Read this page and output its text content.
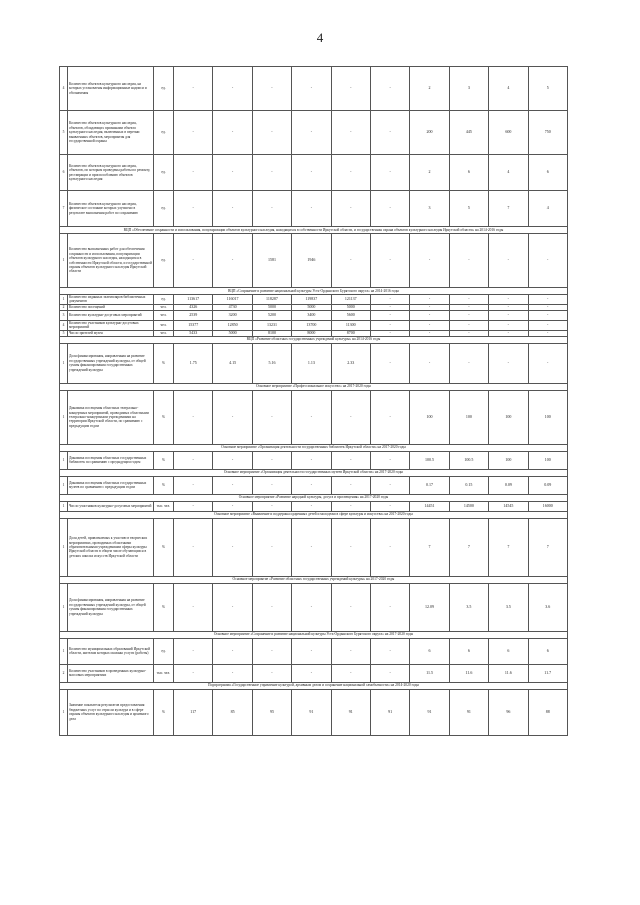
4
4	Количество объектов культурного наследия, на которых установлены информационные надписи и обозначения	ед.	-	-	-	-	-	-	2	3	4	5
5	Количество объектов культурного наследия, объектов, обладающих признаками объекта культурного наследия, включенных в перечни выявленных объектов, мероприятия для государственной охраны	ед.	-	-	-	-	-	-	200	445	600	750
6	Количество объектов культурного наследия, объектов, по которым проведены работы по ремонту, реставрации и приспособлению объектов культурного наследия	ед.	-	-	-	-	-	-	2	6	4	6
7	Количество объектов культурного наследия, физическое состояние которых улучшено в результате выполнения работ по сохранению	ед.	-	-	-	-	-	-	3	5	7	4
ВЦП «Обеспечение сохранности и использования, популяризации объектов культурного наследия, находящихся в собственности Иркутской области, и государственная охрана объектов культурного наследия Иркутской области» на 2014-2016 годы												
1	Количество выполненных работ для обеспечения сохранности и использования, популяризации объектов культурного наследия, находящихся в собственности Иркутской области, и государственной охраны объектов культурного наследия Иркутской области	ед.	-	-	1581	1946	-	-	-	-	-	-
ВЦП «Сохранение и развитие национальной культуры Усть-Ордынского Бурятского округа» на 2014-2016 годы												
1	Количество изданных экземпляров библиотечных документов	ед.	113617	116017	118287	119837	121137	-	-	-	-	-
2	Количество посещений	чел.	4326	4730	5000	5000	5000	-	-	-	-	-
3	Количество культурно-досуговых мероприятий	чел.	2539	3200	5200	3400	5600	-	-	-	-	-
4	Количество участников культурно-досуговых мероприятий	чел.	15377	12850	13231	13700	11300	-	-	-	-	-
5	Число зрителей музея	чел.	5433	5000	8100	8000	8700	-	-	-	-	-
ВЦП «Развитие областных государственных учреждений культуры» на 2014-2016 годы												
1	Доля финансирования, направленная на развитие государственных учреждений культуры, от общей суммы финансирования государственных учреждений культуры	%	1.75	4.15	5.16	1.13	2.33	-	-	-	-	-
Основное мероприятие «Профессиональное искусство» на 2017-2020 годы												
1	Динамика посещения областных театрально-концертных мероприятий, проводимых областными театрально-концертными учреждениями на территории Иркутской области, по сравнению с предыдущим годом	%	-	-	-	-	-	-	100	100	100	100
Основное мероприятие «Организация деятельности государственных библиотек Иркутской области» на 2017-2020 годы												
1	Динамика посещения областных государственных библиотек по сравнению с предыдущим годом	%	-	-	-	-	-	-	100.5	100.5	100	100
Основное мероприятие «Организация деятельности государственных музеев Иркутской области» на 2017-2020 годы												
1	Динамика посещения областных государственных музеев по сравнению с предыдущим годом	%	-	-	-	-	-	-	0.17	0.15	0.09	0.09
Основное мероприятие «Развитие народной культуры, досуга и просвещения» на 2017-2020 годы												
1	Число участников культурно-досуговых мероприятий	тыс. чел.	-	-	-	-	-	-	14451	14500	14545	16000
Основное мероприятие «Выявление и поддержка одаренных детей и молодежи в сфере культуры и искусства» на 2017-2020 годы												
1	Доля детей, привлекаемых к участию в творческих мероприятиях, проводимых областными образовательными учреждениями сферы культуры Иркутской области в общем числе обучающихся в детских школах искусств Иркутской области	%	-	-	-	-	-	-	7	7	7	7
Основное мероприятие «Развитие областных государственных учреждений культуры» на 2017-2020 годы												
1	Доля финансирования, направленная на развитие государственных учреждений культуры, от общей суммы финансирования государственных учреждений культуры	%	-	-	-	-	-	-	12.09	3.5	3.5	3.6
Основное мероприятие «Сохранение и развитие национальной культуры Усть-Ордынского Бурятского округа» на 2017-2020 годы												
1	Количество муниципальных образований Иркутской области, жителям которых оказаны услуги (работы)	ед.	-	-	-	-	-	-	6	6	6	6
2	Количество участников в проведенных культурно-массовых мероприятиях	тыс. чел.	-	-	-	-	-	-	11.5	11.6	11.6	11.7
Подпрограмма «Государственное управление культурой, архивным делом и сохранение национальной самобытности» на 2014-2020 годы												
1	Значение показателя результатов предоставления бюджетных услуг по отрасли культура и в сфере охраны объектов культурного наследия и архивного дела	%	117	85	95	91	91	91	91	91	96	88
